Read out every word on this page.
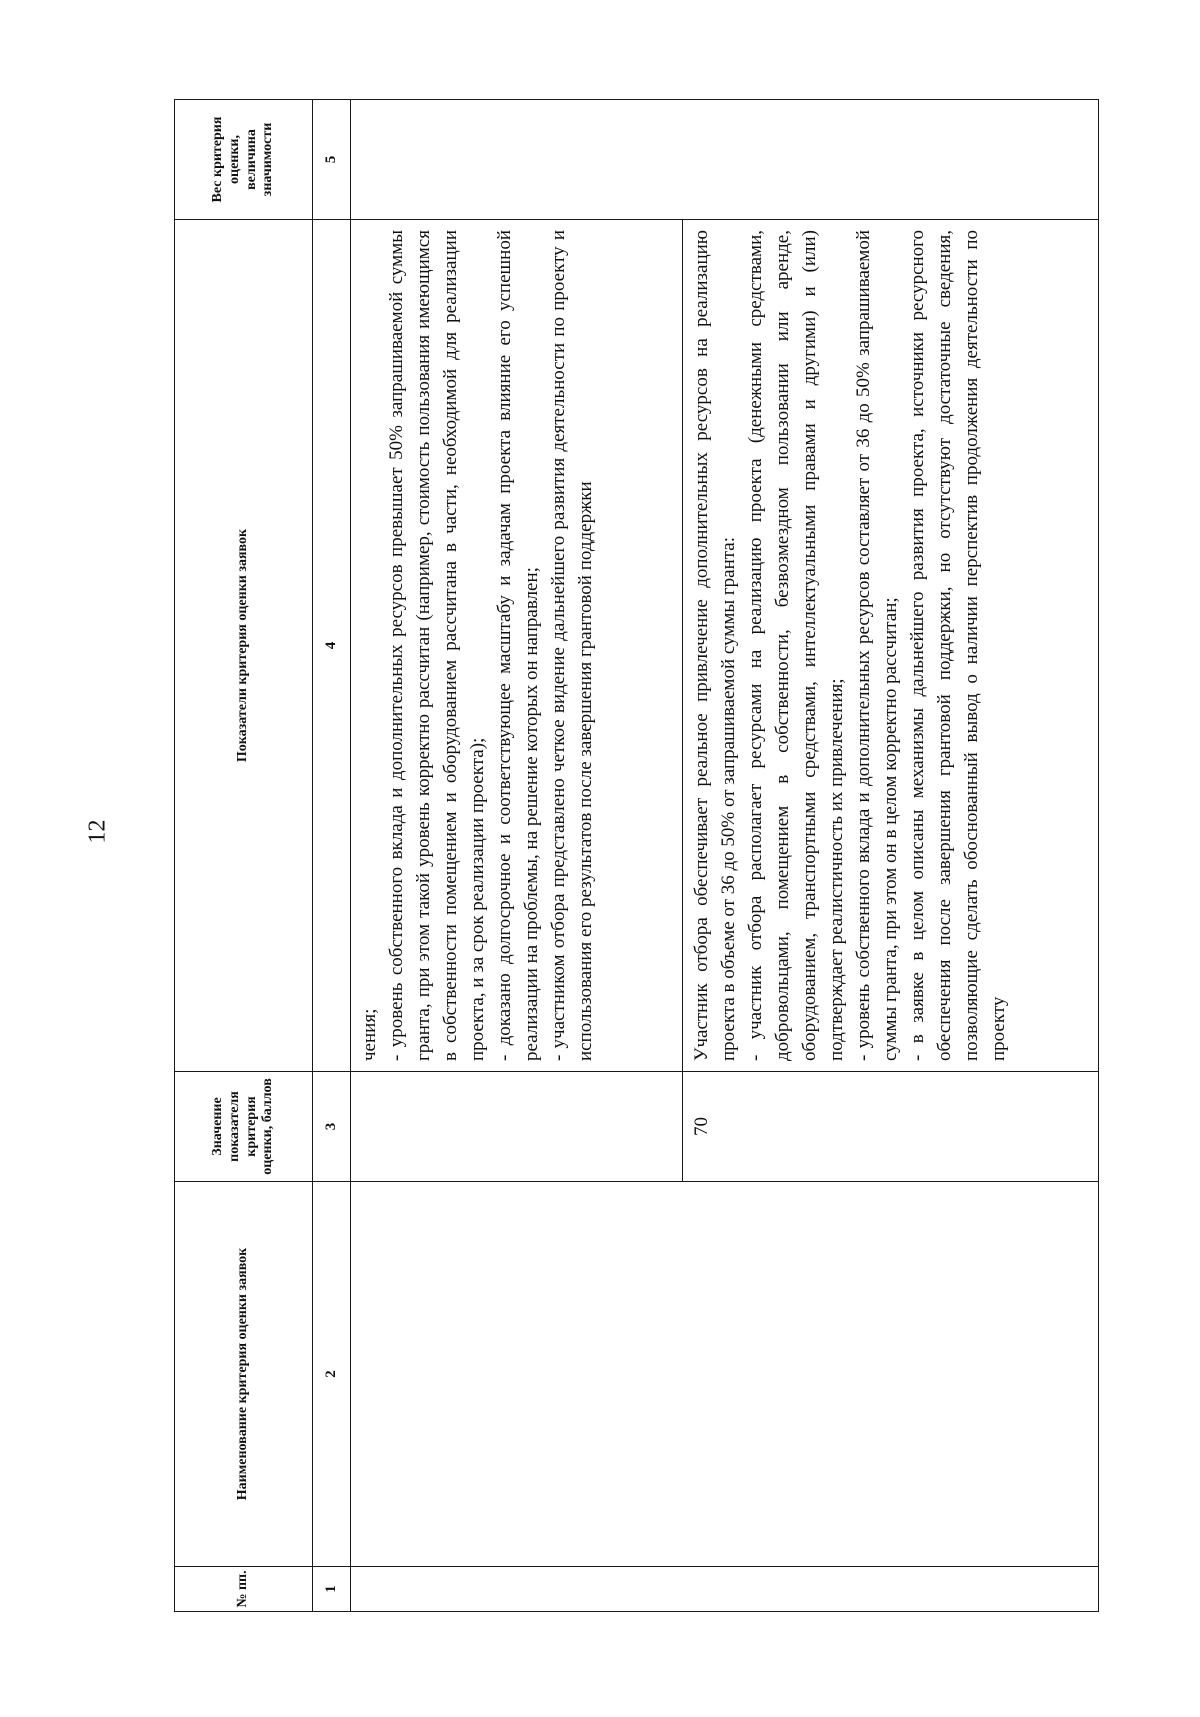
12
№ пп.	Наименование критерия оценки заявок	Значение показателя критерия оценки, баллов	Показатели критерия оценки заявок	Вес критерия оценки, величина значимости
1	2	3	4	5

			чения; - уровень собственного вклада и дополнительных ресурсов превышает 50% запрашиваемой суммы гранта, при этом такой уровень корректно рассчитан (например, стоимость пользования имеющимся в собственности помещением и оборудованием рассчитана в части, необходимой для реализации проекта, и за срок реализации проекта); - доказано долгосрочное и соответствующее масштабу и задачам проекта влияние его успешной реализации на проблемы, на решение которых он направлен; - участником отбора представлено четкое видение дальнейшего развития деятельности по проекту и использования его результатов после завершения грантовой поддержки	

		70	Участник отбора обеспечивает реальное привлечение дополнительных ресурсов на реализацию проекта в объеме от 36 до 50% от запрашиваемой суммы гранта: - участник отбора располагает ресурсами на реализацию проекта (денежными средствами, добровольцами, помещением в собственности, безвозмездном пользовании или аренде, оборудованием, транспортными средствами, интеллектуальными правами и другими) и (или) подтверждает реалистичность их привлечения; - уровень собственного вклада и дополнительных ресурсов составляет от 36 до 50% запрашиваемой суммы гранта, при этом он в целом корректно рассчитан; - в заявке в целом описаны механизмы дальнейшего развития проекта, источники ресурсного обеспечения после завершения грантовой поддержки, но отсутствуют достаточные сведения, позволяющие сделать обоснованный вывод о наличии перспектив продолжения деятельности по проекту	
